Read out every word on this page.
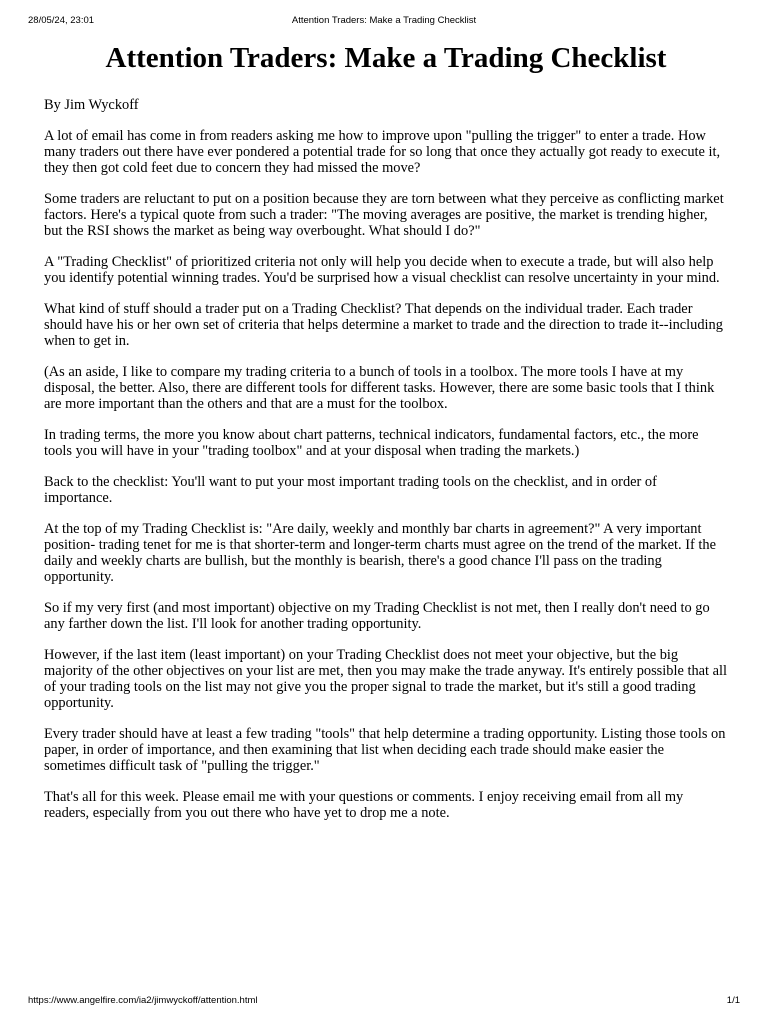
28/05/24, 23:01	Attention Traders: Make a Trading Checklist
Attention Traders: Make a Trading Checklist

By Jim Wyckoff

A lot of email has come in from readers asking me how to improve upon "pulling the trigger" to enter a trade. How many traders out there have ever pondered a potential trade for so long that once they actually got ready to execute it, they then got cold feet due to concern they had missed the move?

Some traders are reluctant to put on a position because they are torn between what they perceive as conflicting market factors. Here's a typical quote from such a trader: "The moving averages are positive, the market is trending higher, but the RSI shows the market as being way overbought. What should I do?"

A "Trading Checklist" of prioritized criteria not only will help you decide when to execute a trade, but will also help you identify potential winning trades. You'd be surprised how a visual checklist can resolve uncertainty in your mind.

What kind of stuff should a trader put on a Trading Checklist? That depends on the individual trader. Each trader should have his or her own set of criteria that helps determine a market to trade and the direction to trade it--including when to get in.

(As an aside, I like to compare my trading criteria to a bunch of tools in a toolbox. The more tools I have at my disposal, the better. Also, there are different tools for different tasks. However, there are some basic tools that I think are more important than the others and that are a must for the toolbox.

In trading terms, the more you know about chart patterns, technical indicators, fundamental factors, etc., the more tools you will have in your "trading toolbox" and at your disposal when trading the markets.)

Back to the checklist: You'll want to put your most important trading tools on the checklist, and in order of importance.

At the top of my Trading Checklist is: "Are daily, weekly and monthly bar charts in agreement?" A very important position- trading tenet for me is that shorter-term and longer-term charts must agree on the trend of the market. If the daily and weekly charts are bullish, but the monthly is bearish, there's a good chance I'll pass on the trading opportunity.

So if my very first (and most important) objective on my Trading Checklist is not met, then I really don't need to go any farther down the list. I'll look for another trading opportunity.

However, if the last item (least important) on your Trading Checklist does not meet your objective, but the big majority of the other objectives on your list are met, then you may make the trade anyway. It's entirely possible that all of your trading tools on the list may not give you the proper signal to trade the market, but it's still a good trading opportunity.

Every trader should have at least a few trading "tools" that help determine a trading opportunity. Listing those tools on paper, in order of importance, and then examining that list when deciding each trade should make easier the sometimes difficult task of "pulling the trigger."

That's all for this week. Please email me with your questions or comments. I enjoy receiving email from all my readers, especially from you out there who have yet to drop me a note.

https://www.angelfire.com/ia2/jimwyckoff/attention.html	1/1
